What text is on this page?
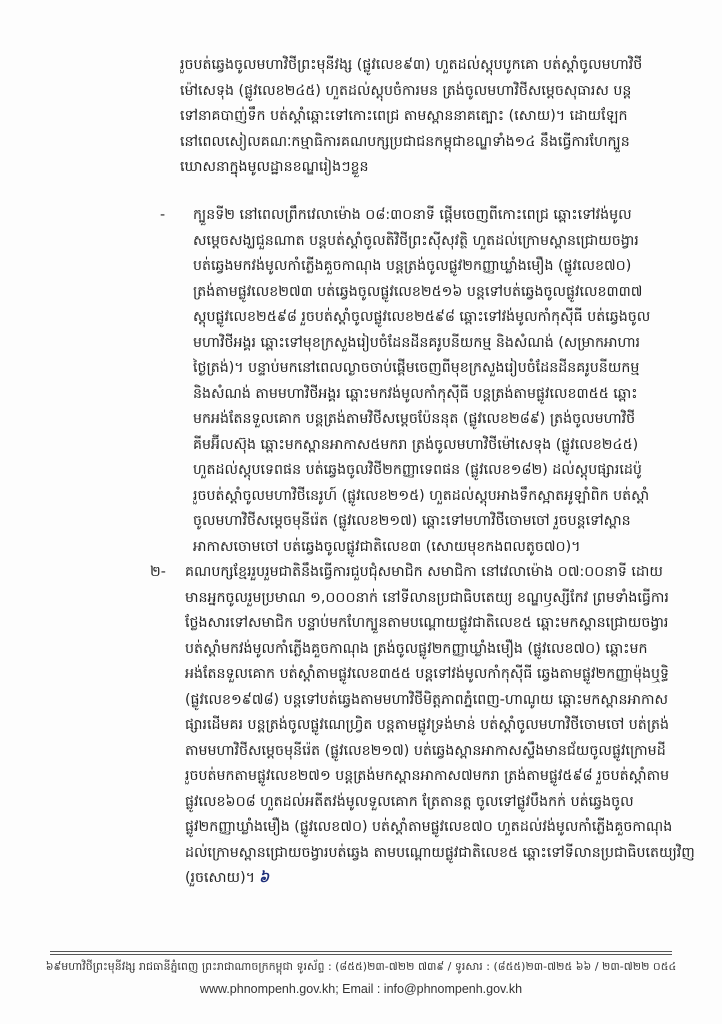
រួចបត់ឆ្វេងចូលមហាវិថីព្រះមុនីវង្ស (ផ្លូវលេខ៩៣) ហួតដល់ស្តុបបូកគោ បត់ស្តាំចូលមហាវិថី
ម៉ៅសេទុង (ផ្លូវលេខ២៤៥) ហួតដល់ស្តុបចំការមន ត្រង់ចូលមហាវិថីសម្តេចសុធារស បន្ត
ទៅនាគបាញ់ទឹក បត់ស្តាំឆ្ពោះទៅកោះពេជ្រ តាមស្ពាននាគត្បោះ (សោយ)។ ដោយឡែក
នៅពេលសៀលគណៈកម្មាធិការគណបក្សប្រជាជនកម្ពុជាខណ្ឌទាំង១៤ នឹងធ្វើការហែក្បួន
ឃោសនាក្នុងមូលដ្ឋានខណ្ឌរៀងៗខ្លួន
- ក្បួនទី២ នៅពេលព្រឹកវេលាម៉ោង ០៨:៣០នាទី ផ្តើមចេញពីកោះពេជ្រ ឆ្ពោះទៅវង់មូល
សម្តេចសង្ឃជួនណាត បន្តបត់ស្តាំចូលតិវិថីព្រះស៊ីសុវត្ថិ ហួតដល់ក្រោមស្ពានជ្រោយចង្វារ
បត់ឆ្វេងមកវង់មូលកាំភ្លើងគួចកាណុង បន្តត្រង់ចូលផ្លូវ២កញ្ញាឃ្លាំងមឿង (ផ្លូវលេខ៧០)
ត្រង់តាមផ្លូវលេខ២៧៣ បត់ឆ្វេងចូលផ្លូវលេខ២៥១៦ បន្តទៅបត់ឆ្វេងចូលផ្លូវលេខ៣៣៧
ស្តុបផ្លូវលេខ២៥៩៨ រួចបត់ស្តាំចូលផ្លូវលេខ២៥៩៨ ឆ្ពោះទៅវង់មូលកាំកុស៊ីធី បត់ឆ្វេងចូល
មហាវិថីអង្គរ ឆ្ពោះទៅមុខក្រសួងរៀបចំដែនដីនគរូបនីយកម្ម និងសំណង់ (សម្រាកអាហារ
ថ្ងៃត្រង់)។ បន្ទាប់មកនៅពេលល្ងាចចាប់ផ្តើមចេញពីមុខក្រសួងរៀបចំដែនដីនគរូបនីយកម្ម
និងសំណង់ តាមមហាវិថីអង្គរ ឆ្ពោះមកវង់មូលកាំកុស៊ីធី បន្តត្រង់តាមផ្លូវលេខ៣៥៥ ឆ្ពោះ
មកអង់តែនទួលគោក បន្តត្រង់តាមវិថីសម្តេចប៉ែននុត (ផ្លូវលេខ២៨៩) ត្រង់ចូលមហាវិថី
គីមអ៊ីលស៊ុង ឆ្ពោះមកស្ពានអាកាស៥មករា ត្រង់ចូលមហាវិថីម៉ៅសេទុង (ផ្លូវលេខ២៤៥)
ហួតដល់ស្តុបទេពផន បត់ឆ្វេងចូលវិថី២កញ្ញាទេពផន (ផ្លូវលេខ១៨២) ដល់ស្តុបផ្សារដេប៉ូ
រួចបត់ស្តាំចូលមហាវិថីនេរូហ៍ (ផ្លូវលេខ២១៥) ហួតដល់ស្តុបអាងទឹកស្អាតអូឡាំពិក បត់ស្តាំ
ចូលមហាវិថីសម្តេចមុនីរ៉េត (ផ្លូវលេខ២១៧) ឆ្ពោះទៅមហាវិថីចោមចៅ រួចបន្តទៅស្ពាន
អាកាសចោមចៅ បត់ឆ្វេងចូលផ្លូវជាតិលេខ៣ (សោយមុខកងពលតូច៧០)។
២- គណបក្សខ្មែររួបរួមជាតិនឹងធ្វើការជួបជុំសមាជិក សមាជិកា នៅវេលាម៉ោង ០៧:០០នាទី ដោយ
មានអ្នកចូលរួមប្រមាណ ១,០០០នាក់ នៅទីលានប្រជាធិបតេយ្យ ខណ្ឌឫស្សីកែវ ព្រមទាំងធ្វើការ
ថ្លែងសារទៅសមាជិក បន្ទាប់មកហែក្បួនតាមបណ្ដោយផ្លូវជាតិលេខ៥ ឆ្ពោះមកស្ពានជ្រោយចង្វារ
បត់ស្តាំមកវង់មូលកាំភ្លើងគួចកាណុង ត្រង់ចូលផ្លូវ២កញ្ញាឃ្លាំងមឿង (ផ្លូវលេខ៧០) ឆ្ពោះមក
អង់តែនទួលគោក បត់ស្តាំតាមផ្លូវលេខ៣៥៥ បន្តទៅវង់មូលកាំកុស៊ីធី ឆ្វេងតាមផ្លូវ២កញ្ញាម៉ុងឬទ្ធិ
(ផ្លូវលេខ១៩៧៨) បន្តទៅបត់ឆ្វេងតាមមហាវិថីមិត្តភាពភ្នំពេញ-ហាណូយ ឆ្ពោះមកស្ពានអាកាស
ផ្សារដើមគរ បន្តត្រង់ចូលផ្លូវណេហ្វ្រិត បន្តតាមផ្លូវទ្រង់មាន់ បត់ស្តាំចូលមហាវិថីចោមចៅ បត់ត្រង់
តាមមហាវិថីសម្តេចមុនីរ៉េត (ផ្លូវលេខ២១៧) បត់ឆ្វេងស្ពានអាកាសស្ទឹងមានជ័យចូលផ្លូវក្រោមដី
រួចបត់មកតាមផ្លូវលេខ២៧១ បន្តត្រង់មកស្ពានអាកាស៧មករា ត្រង់តាមផ្លូវ៥៩៨ រួចបត់ស្តាំតាម
ផ្លូវលេខ៦០៨ ហួតដល់អតីតវង់មូលទួលគោក ត្រែតានត្ត ចូលទៅផ្លូវបឹងកក់ បត់ឆ្វេងចូល
ផ្លូវ២កញ្ញាឃ្លាំងមឿង (ផ្លូវលេខ៧០) បត់ស្តាំតាមផ្លូវលេខ៧០ ហួតដល់វង់មូលកាំភ្លើងគួចកាណុង
ដល់ក្រោមស្ពានជ្រោយចង្វារបត់ឆ្វេង តាមបណ្ដោយផ្លូវជាតិលេខ៥ ឆ្ពោះទៅទីលានប្រជាធិបតេយ្យវិញ
(រួចសោយ)។ ៦
៦៩មហាវិថីព្រះមុនីវង្ស រាជធានីភ្នំពេញ ព្រះរាជាណាចក្រកម្ពុជា ទូរស័ព្ទ : (៨៥៥)២៣-៧២២ ៧៣៩ / ទូរសារ : (៨៥៥)២៣-៧២៥ ៦៦ / ២៣-៧២២ ០៥៤
www.phnompenh.gov.kh; Email : info@phnompenh.gov.kh
